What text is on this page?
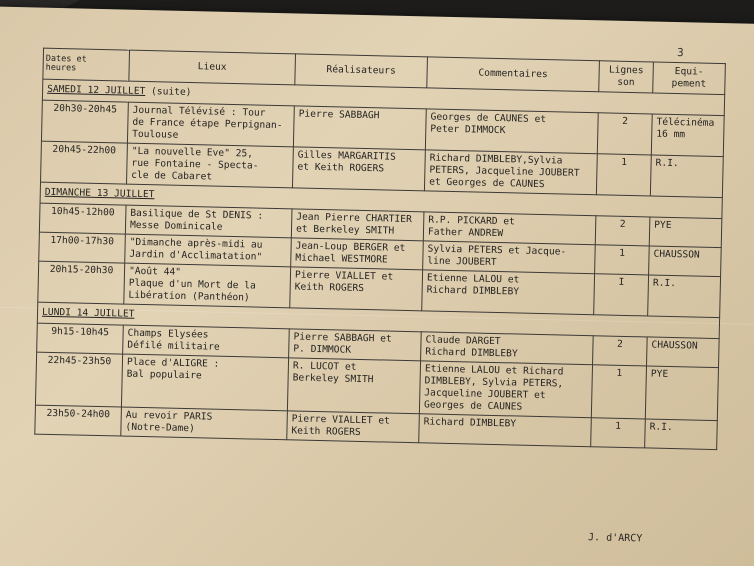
3
Dates et
heures	Lieux	Réalisateurs	Commentaires	Lignes
son	Equi-
pement

SAMEDI 12 JUILLET (suite)					
20h30-20h45	Journal Télévisé : Tour
de France étape Perpignan-
Toulouse	Pierre SABBAGH	Georges de CAUNES et
Peter DIMMOCK	2	Télécinéma
16 mm

20h45-22h00	"La nouvelle Eve" 25,
rue Fontaine - Specta-
cle de Cabaret	Gilles MARGARITIS
et Keith ROGERS	Richard DIMBLEBY,Sylvia
PETERS, Jacqueline JOUBERT
et Georges de CAUNES	1	R.I.

DIMANCHE 13 JUILLET					
10h45-12h00	Basilique de St DENIS :
Messe Dominicale	Jean Pierre CHARTIER
et Berkeley SMITH	R.P. PICKARD et
Father ANDREW	2	PYE

17h00-17h30	"Dimanche après-midi au
Jardin d'Acclimatation"	Jean-Loup BERGER et
Michael WESTMORE	Sylvia PETERS et Jacque-
line JOUBERT	1	CHAUSSON

20h15-20h30	"Août 44"
Plaque d'un Mort de la
Libération (Panthéon)	Pierre VIALLET et
Keith ROGERS	Etienne LALOU et
Richard DIMBLEBY	I	R.I.

LUNDI 14 JUILLET					
9h15-10h45	Champs Elysées
Défilé militaire	Pierre SABBAGH et
P. DIMMOCK	Claude DARGET
Richard DIMBLEBY	2	CHAUSSON

22h45-23h50	Place d'ALIGRE :
Bal populaire	R. LUCOT et
Berkeley SMITH	Etienne LALOU et Richard
DIMBLEBY, Sylvia PETERS,
Jacqueline JOUBERT et
Georges de CAUNES	1	PYE

23h50-24h00	Au revoir PARIS
(Notre-Dame)	Pierre VIALLET et
Keith ROGERS	Richard DIMBLEBY	1	R.I.
J. d'ARCY
